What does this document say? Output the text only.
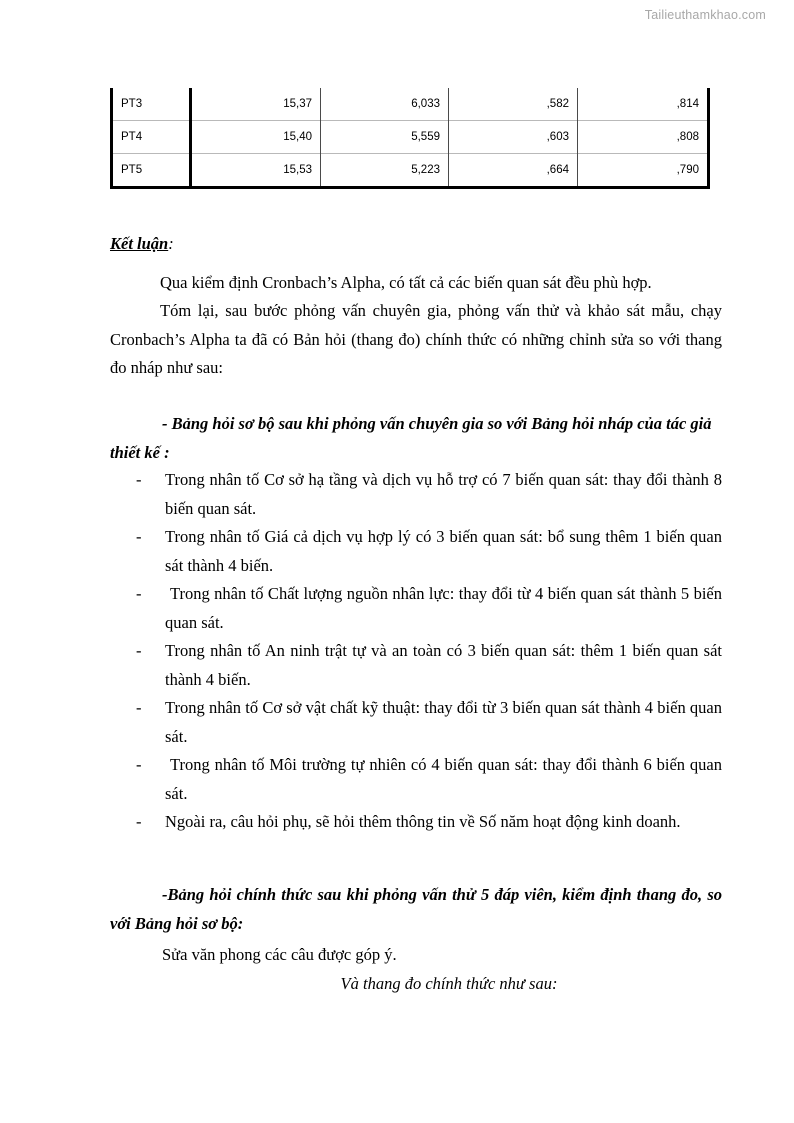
Tailieuthamkhao.com
PT3	15,37	6,033	,582	,814
PT4	15,40	5,559	,603	,808
PT5	15,53	5,223	,664	,790
Kết luận:
Qua kiểm định Cronbach’s Alpha, có tất cả các biến quan sát đều phù hợp.
Tóm lại, sau bước phỏng vấn chuyên gia, phỏng vấn thử và khảo sát mẫu, chạy Cronbach’s Alpha ta đã có Bản hỏi (thang đo) chính thức có những chỉnh sửa so với thang đo nháp như sau:
- Bảng hỏi sơ bộ sau khi phỏng vấn chuyên gia so với Bảng hỏi nháp của tác giả thiết kế :
-	Trong nhân tố Cơ sở hạ tầng và dịch vụ hỗ trợ có 7 biến quan sát: thay đổi thành 8 biến quan sát.
-	Trong nhân tố Giá cả dịch vụ hợp lý có 3 biến quan sát: bổ sung thêm 1 biến quan sát thành 4 biến.
-	Trong nhân tố Chất lượng nguồn nhân lực: thay đổi từ 4 biến quan sát thành 5 biến quan sát.
-	Trong nhân tố An ninh trật tự và an toàn có 3 biến quan sát: thêm 1 biến quan sát thành 4 biến.
-	Trong nhân tố Cơ sở vật chất kỹ thuật: thay đổi từ 3 biến quan sát thành 4 biến quan sát.
-	Trong nhân tố Môi trường tự nhiên có 4 biến quan sát: thay đổi thành 6 biến quan sát.
-	Ngoài ra, câu hỏi phụ, sẽ hỏi thêm thông tin về Số năm hoạt động kinh doanh.
-Bảng hỏi chính thức sau khi phỏng vấn thử 5 đáp viên, kiểm định thang đo, so với Bảng hỏi sơ bộ:
Sửa văn phong các câu được góp ý.
Và thang đo chính thức như sau:
